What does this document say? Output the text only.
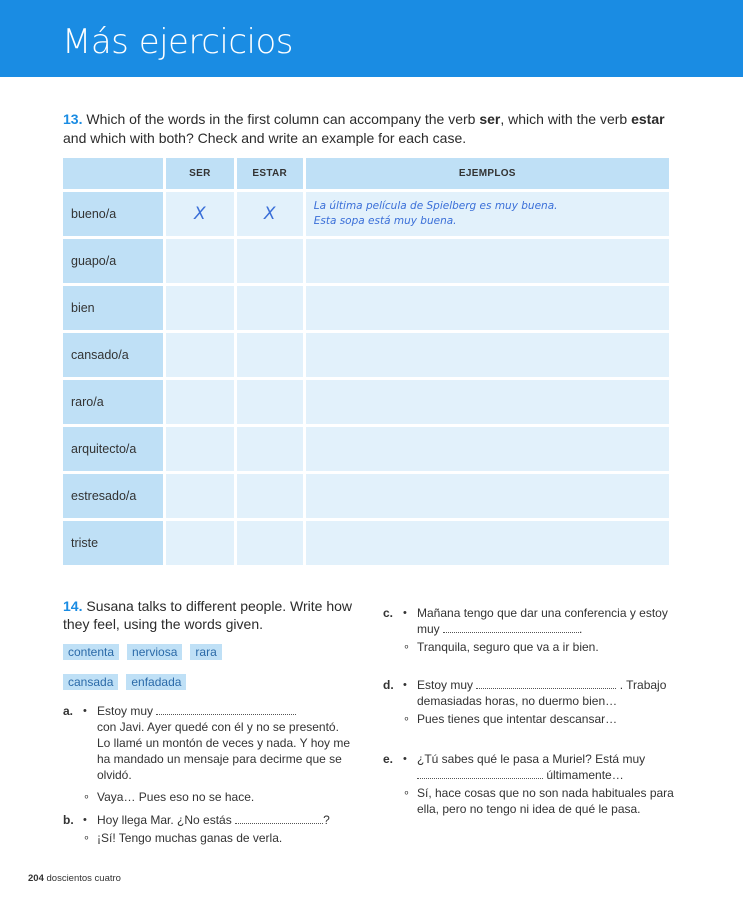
Más ejercicios
13. Which of the words in the first column can accompany the verb ser, which with the verb estar and which with both? Check and write an example for each case.
	SER	ESTAR	EJEMPLOS
bueno/a	X	X	La última película de Spielberg es muy buena.
Esta sopa está muy buena.

guapo/a			

bien			

cansado/a			

raro/a			

arquitecto/a			

estresado/a			

triste			
14. Susana talks to different people. Write how they feel, using the words given.
contenta nerviosa rara
cansada enfadada
a. • Estoy muy
con Javi. Ayer quedé con él y no se presentó. Lo llamé un montón de veces y nada. Y hoy me ha mandado un mensaje para decirme que se olvidó.
∘ Vaya… Pues eso no se hace.
b. • Hoy llega Mar. ¿No estás	?
∘ ¡Sí! Tengo muchas ganas de verla.
c. • Mañana tengo que dar una conferencia y estoy muy	.
∘ Tranquila, seguro que va a ir bien.
d. • Estoy muy	. Trabajo demasiadas horas, no duermo bien…
∘ Pues tienes que intentar descansar…
e. • ¿Tú sabes qué le pasa a Muriel? Está muy
últimamente…
∘ Sí, hace cosas que no son nada habituales para ella, pero no tengo ni idea de qué le pasa.
204 doscientos cuatro
